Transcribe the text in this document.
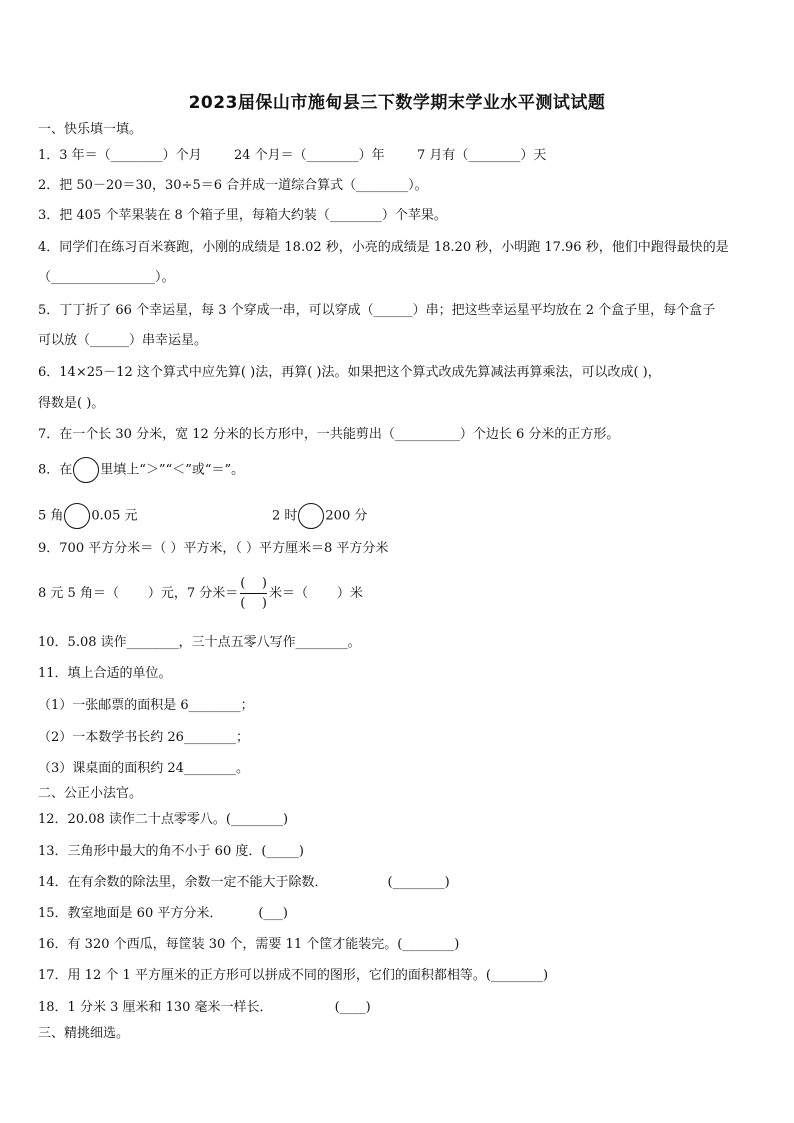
2023届保山市施甸县三下数学期末学业水平测试试题
一、快乐填一填。
1．3 年＝（________）个月 24 个月＝（________）年 7 月有（________）天
2．把 50－20＝30，30÷5＝6 合并成一道综合算式（________）。
3．把 405 个苹果装在 8 个箱子里，每箱大约装（________）个苹果。
4．同学们在练习百米赛跑，小刚的成绩是 18.02 秒，小亮的成绩是 18.20 秒，小明跑 17.96 秒，他们中跑得最快的是
（________________）。
5．丁丁折了 66 个幸运星，每 3 个穿成一串，可以穿成（______）串；把这些幸运星平均放在 2 个盒子里，每个盒子
可以放（______）串幸运星。
6．14×25－12 这个算式中应先算( )法，再算( )法。如果把这个算式改成先算减法再算乘法，可以改成( )，
得数是( )。
7．在一个长 30 分米，宽 12 分米的长方形中，一共能剪出（__________）个边长 6 分米的正方形。
8．在 里填上“＞”“＜”或“＝”。
5 角 0.05 元	2 时 200 分
9．700 平方分米＝（ ）平方米，（ ）平方厘米＝8 平方分米
8 元 5 角＝（       ）元，7 分米＝ $\frac{( )}{( )}$ 米＝（       ）米
10．5.08 读作________，三十点五零八写作________。
11．填上合适的单位。
（1）一张邮票的面积是 6________；
（2）一本数学书长约 26________；
（3）课桌面的面积约 24________。
二、公正小法官。
12．20.08 读作二十点零零八。(________)
13．三角形中最大的角不小于 60 度．(_____)
14．在有余数的除法里，余数一定不能大于除数．	(________)
15．教室地面是 60 平方分米．	(___)
16．有 320 个西瓜，每筐装 30 个，需要 11 个筐才能装完。(________)
17．用 12 个 1 平方厘米的正方形可以拼成不同的图形，它们的面积都相等。(________)
18．1 分米 3 厘米和 130 毫米一样长．	(____)
三、精挑细选。
